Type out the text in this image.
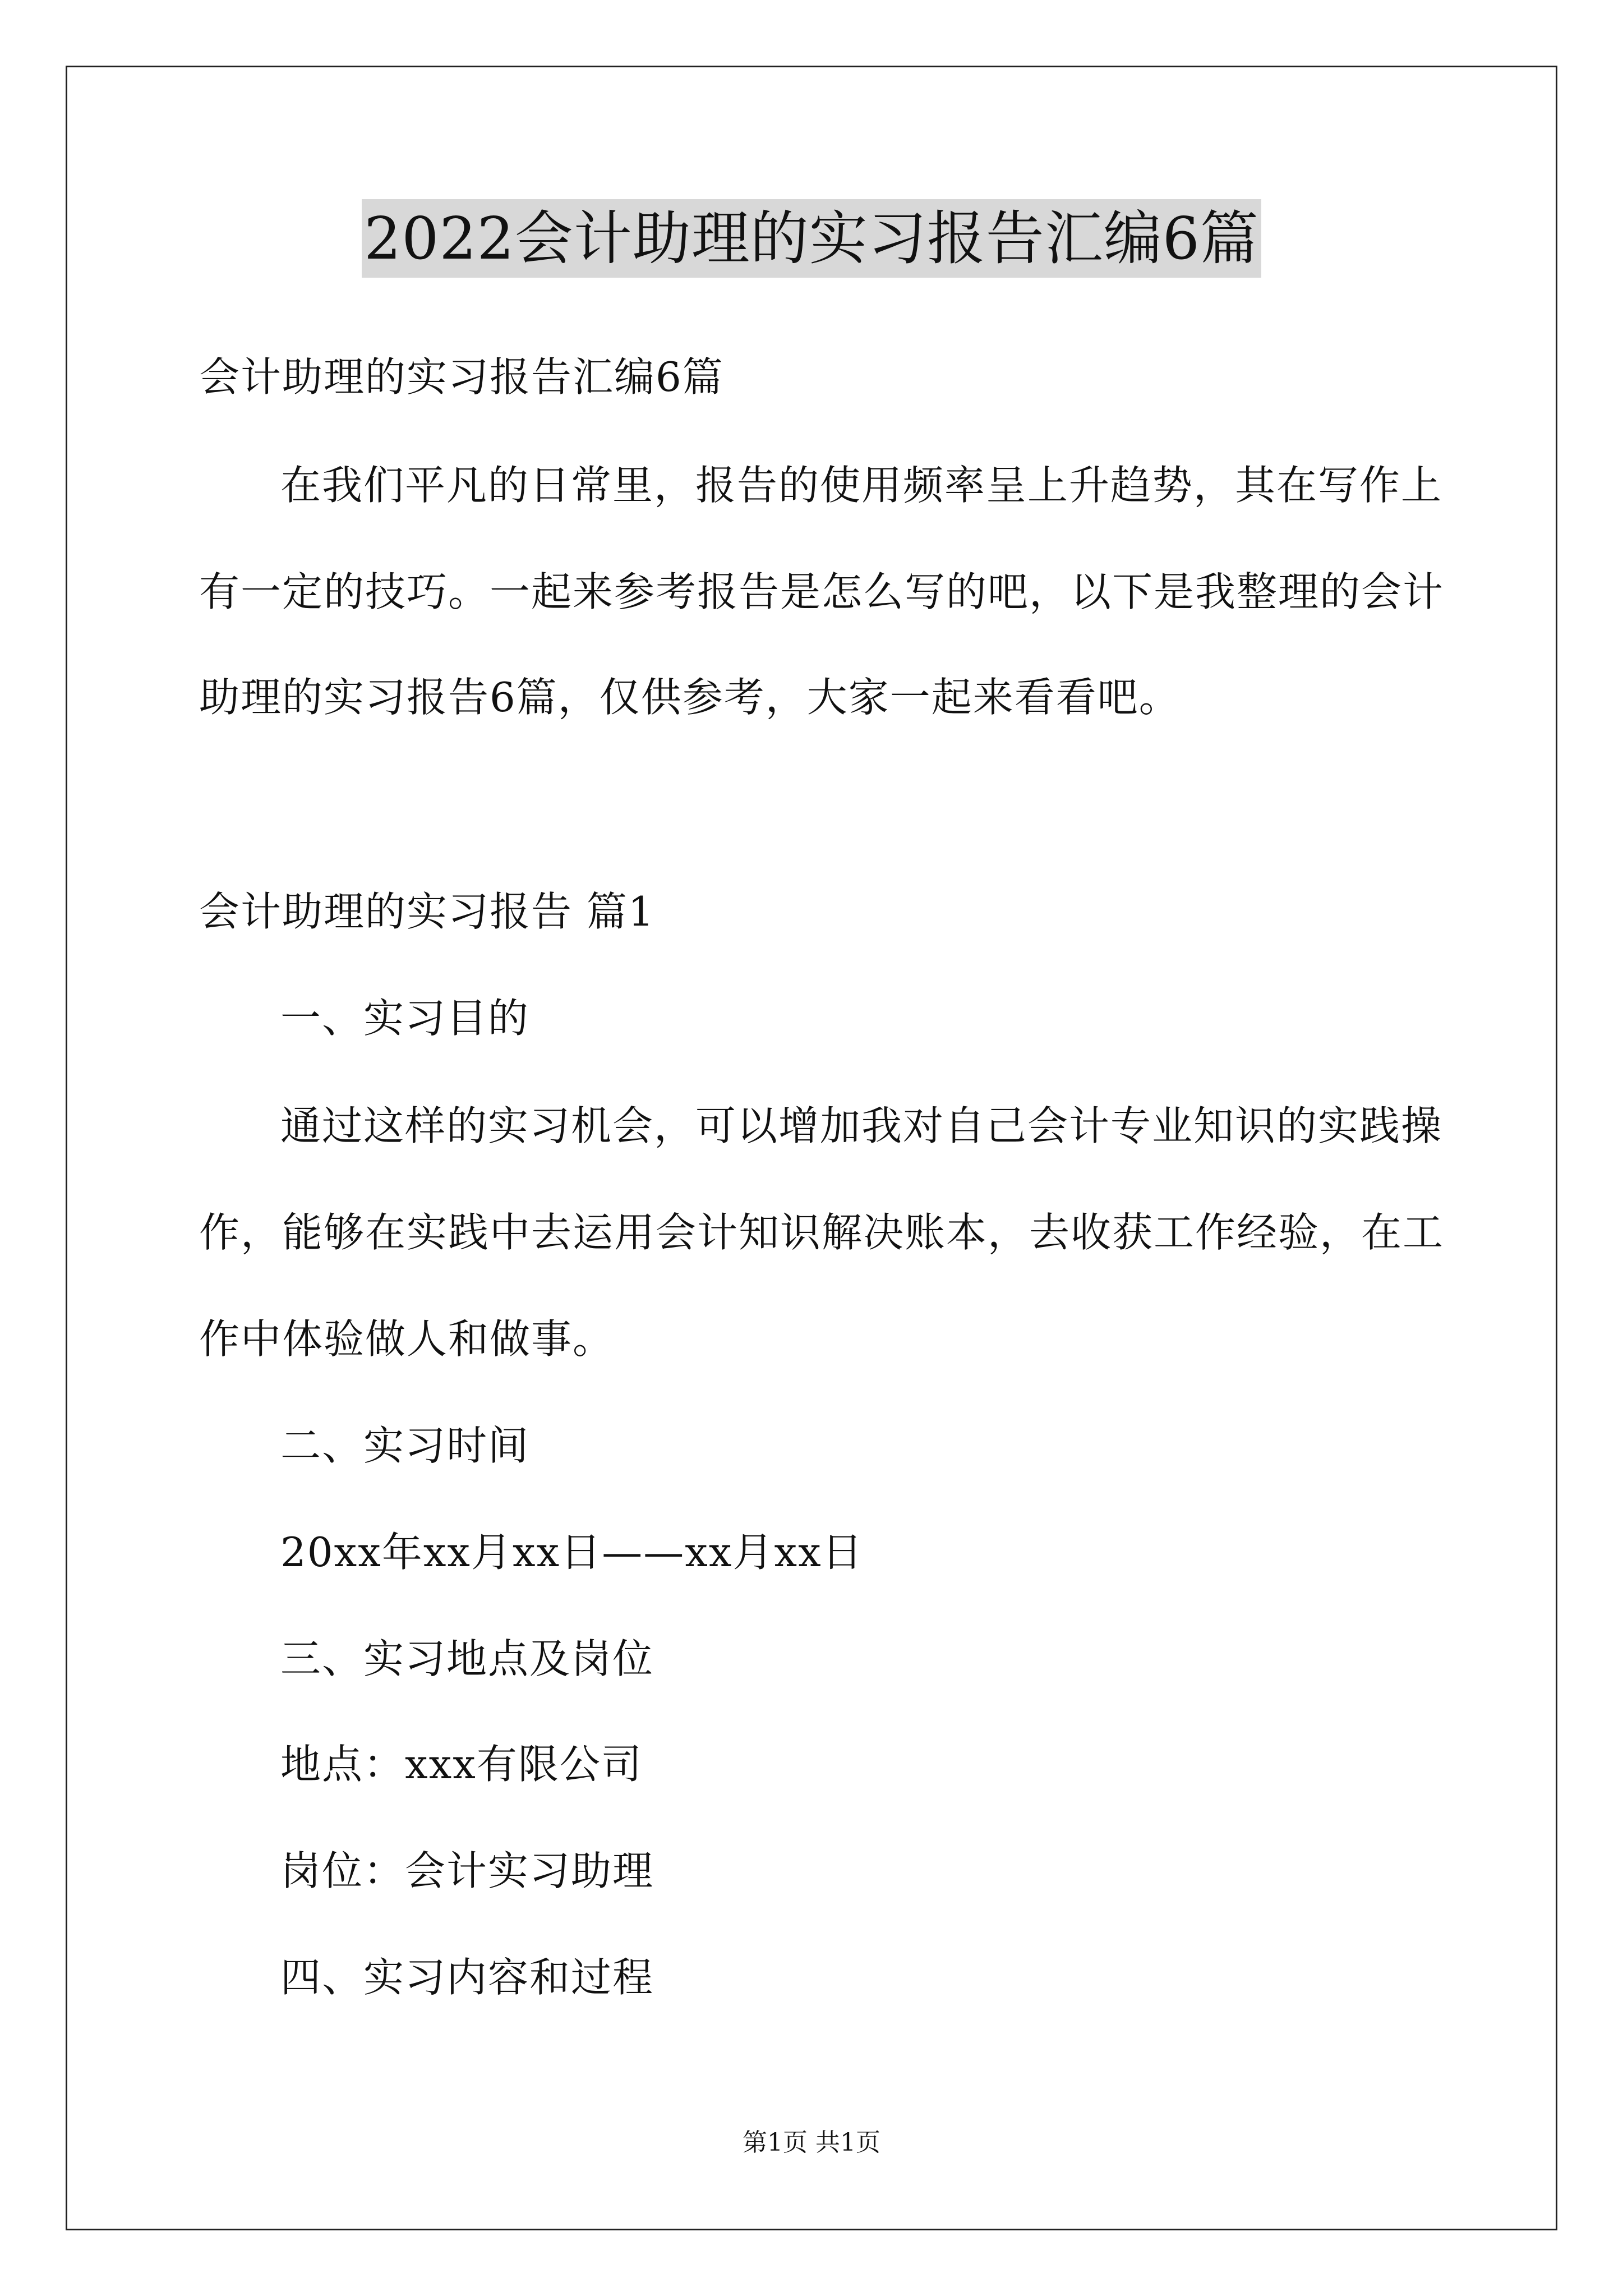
2022会计助理的实习报告汇编6篇
会计助理的实习报告汇编6篇
在我们平凡的日常里，报告的使用频率呈上升趋势，其在写作上
有一定的技巧。一起来参考报告是怎么写的吧，以下是我整理的会计
助理的实习报告6篇，仅供参考，大家一起来看看吧。
会计助理的实习报告 篇1
一、实习目的
通过这样的实习机会，可以增加我对自己会计专业知识的实践操
作，能够在实践中去运用会计知识解决账本，去收获工作经验，在工
作中体验做人和做事。
二、实习时间
20xx年xx月xx日——xx月xx日
三、实习地点及岗位
地点：xxx有限公司
岗位：会计实习助理
四、实习内容和过程
第1页 共1页
